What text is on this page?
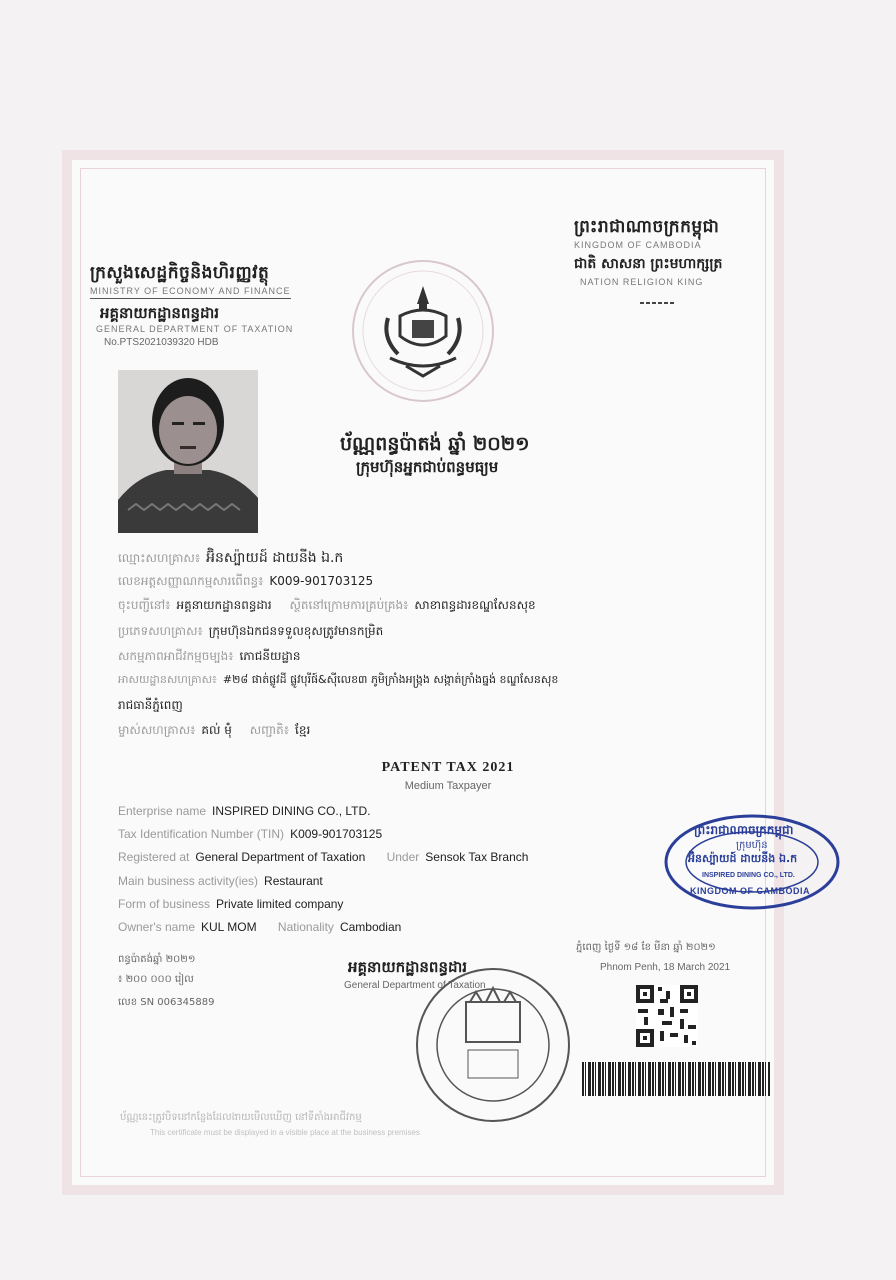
ក្រសួងសេដ្ឋកិច្ចនិងហិរញ្ញវត្ថុ
MINISTRY OF ECONOMY AND FINANCE
អគ្គនាយកដ្ឋានពន្ធដារ
GENERAL DEPARTMENT OF TAXATION
No.PTS2021039320 HDB
ព្រះរាជាណាចក្រកម្ពុជា
KINGDOM OF CAMBODIA
ជាតិ សាសនា ព្រះមហាក្សត្រ
NATION RELIGION KING
ប័ណ្ណពន្ធប៉ាតង់ ឆ្នាំ ២០២១
ក្រុមហ៊ុនអ្នកជាប់ពន្ធមធ្យម
ឈ្មោះសហគ្រាស៖ អ៊ិនស្ប៉ាយដ៍ ដាយនីង ឯ.ក
លេខអត្តសញ្ញាណកម្មសារពើពន្ធ៖ K009-901703125
ចុះបញ្ជីនៅ៖ អគ្គនាយកដ្ឋានពន្ធដារ ស្ថិតនៅក្រោមការគ្រប់គ្រង៖ សាខាពន្ធដារខណ្ឌសែនសុខ
ប្រភេទសហគ្រាស៖ ក្រុមហ៊ុនឯកជនទទួលខុសត្រូវមានកម្រិត
សកម្មភាពអាជីវកម្មចម្បង៖ ភោជនីយដ្ឋាន
អាសយដ្ឋានសហគ្រាស៖ #២៨ ផាត់ផ្លូវដី ផ្លូវបុរីផ៍&ស៊ីលេខ៣ ភូមិក្រាំងអង្រ្កង សង្កាត់ក្រាំងធ្នង់ ខណ្ឌសែនសុខ
រាជធានីភ្នំពេញ
ម្ចាស់សហគ្រាស៖ គល់ ម៉ុំ សញ្ជាតិ៖ ខ្មែរ
PATENT TAX 2021
Medium Taxpayer
Enterprise name INSPIRED DINING CO., LTD.
Tax Identification Number (TIN) K009-901703125
Registered at General Department of Taxation Under Sensok Tax Branch
Main business activity(ies) Restaurant
Form of business Private limited company
Owner's name KUL MOM Nationality Cambodian
ព្រះរាជាណាចក្រកម្ពុជា
ក្រុមហ៊ុន
អ៊ិនស្ប៉ាយដ៍ ដាយនីង ឯ.ក
INSPIRED DINING CO., LTD.
KINGDOM OF CAMBODIA
ពន្ធប៉ាតង់ឆ្នាំ ២០២១
៖ ២០០ ០០០ រៀល
លេខ SN 006345889
អគ្គនាយកដ្ឋានពន្ធដារ
General Department of Taxation
ភ្នំពេញ ថ្ងៃទី ១៨ ខែ មីនា ឆ្នាំ ២០២១
Phnom Penh, 18 March 2021
ប័ណ្ណនេះត្រូវបិទនៅកន្លែងដែលងាយមើលឃើញ នៅទីតាំងអាជីវកម្ម
This certificate must be displayed in a visible place at the business premises
